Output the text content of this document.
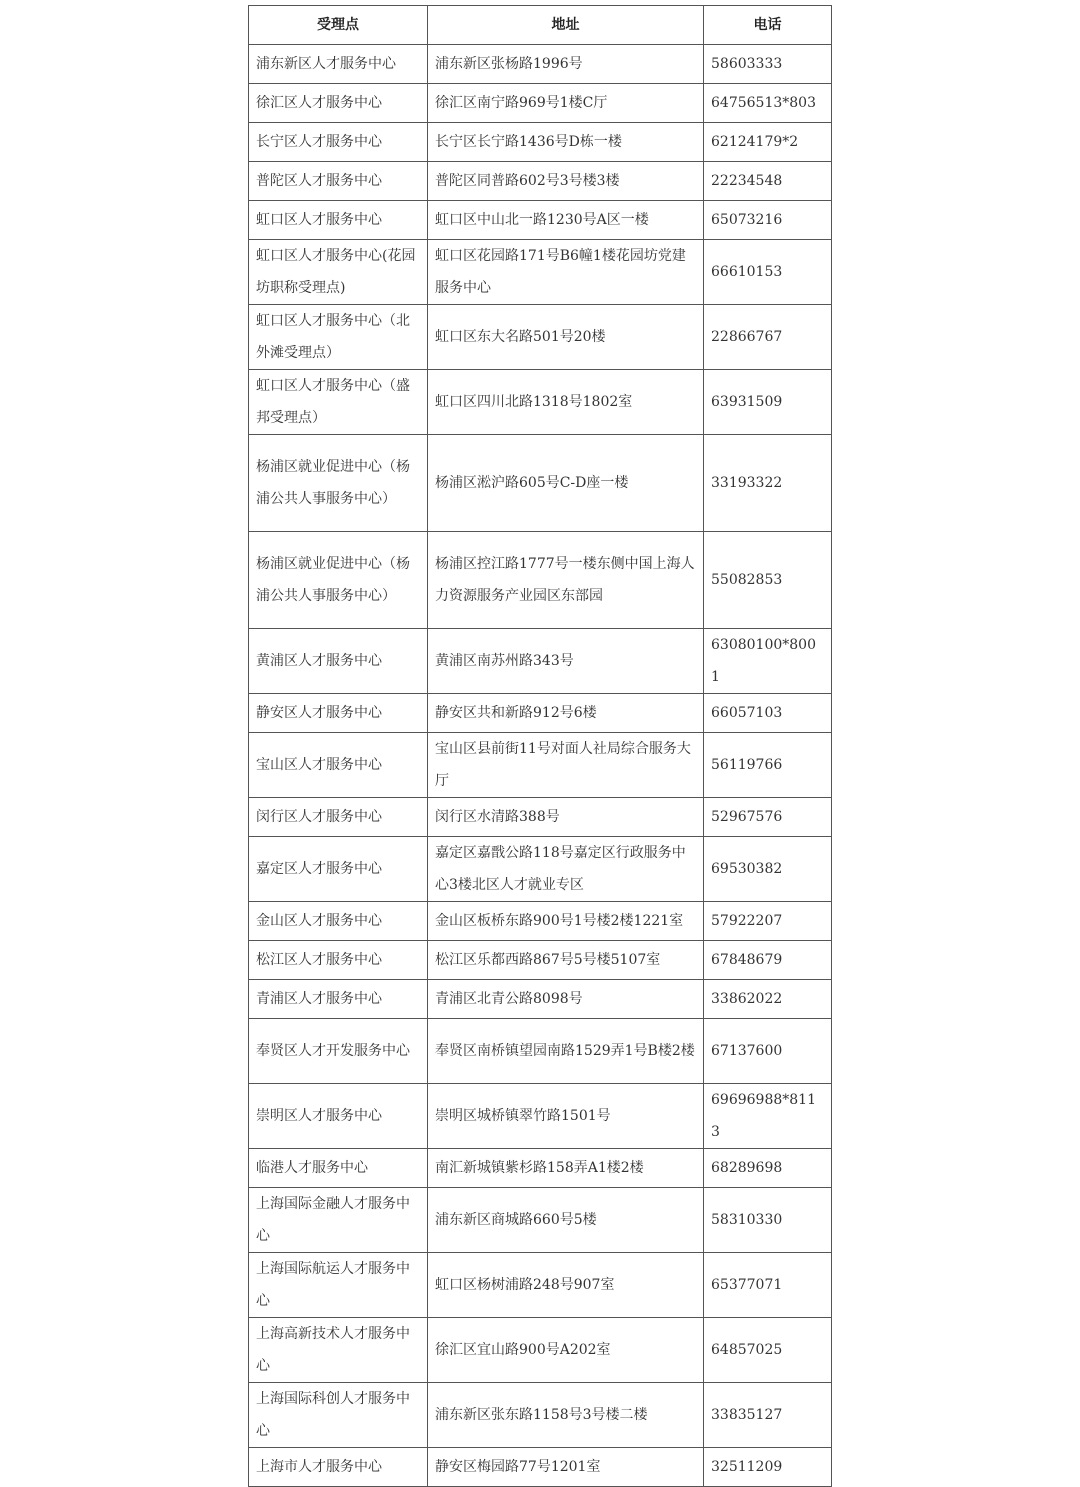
受理点	地址	电话
浦东新区人才服务中心	浦东新区张杨路1996号	58603333
徐汇区人才服务中心	徐汇区南宁路969号1楼C厅	64756513*803
长宁区人才服务中心	长宁区长宁路1436号D栋一楼	62124179*2
普陀区人才服务中心	普陀区同普路602号3号楼3楼	22234548
虹口区人才服务中心	虹口区中山北一路1230号A区一楼	65073216
虹口区人才服务中心(花园坊职称受理点)	虹口区花园路171号B6幢1楼花园坊党建服务中心	66610153
虹口区人才服务中心（北外滩受理点）	虹口区东大名路501号20楼	22866767
虹口区人才服务中心（盛邦受理点）	虹口区四川北路1318号1802室	63931509
杨浦区就业促进中心（杨浦公共人事服务中心）	杨浦区淞沪路605号C-D座一楼	33193322
杨浦区就业促进中心（杨浦公共人事服务中心）	杨浦区控江路1777号一楼东侧中国上海人力资源服务产业园区东部园	55082853
黄浦区人才服务中心	黄浦区南苏州路343号	63080100*8001
静安区人才服务中心	静安区共和新路912号6楼	66057103
宝山区人才服务中心	宝山区县前街11号对面人社局综合服务大厅	56119766
闵行区人才服务中心	闵行区水清路388号	52967576
嘉定区人才服务中心	嘉定区嘉戬公路118号嘉定区行政服务中心3楼北区人才就业专区	69530382
金山区人才服务中心	金山区板桥东路900号1号楼2楼1221室	57922207
松江区人才服务中心	松江区乐都西路867号5号楼5107室	67848679
青浦区人才服务中心	青浦区北青公路8098号	33862022
奉贤区人才开发服务中心	奉贤区南桥镇望园南路1529弄1号B楼2楼	67137600
崇明区人才服务中心	崇明区城桥镇翠竹路1501号	69696988*8113
临港人才服务中心	南汇新城镇紫杉路158弄A1楼2楼	68289698
上海国际金融人才服务中心	浦东新区商城路660号5楼	58310330
上海国际航运人才服务中心	虹口区杨树浦路248号907室	65377071
上海高新技术人才服务中心	徐汇区宜山路900号A202室	64857025
上海国际科创人才服务中心	浦东新区张东路1158号3号楼二楼	33835127
上海市人才服务中心	静安区梅园路77号1201室	32511209
